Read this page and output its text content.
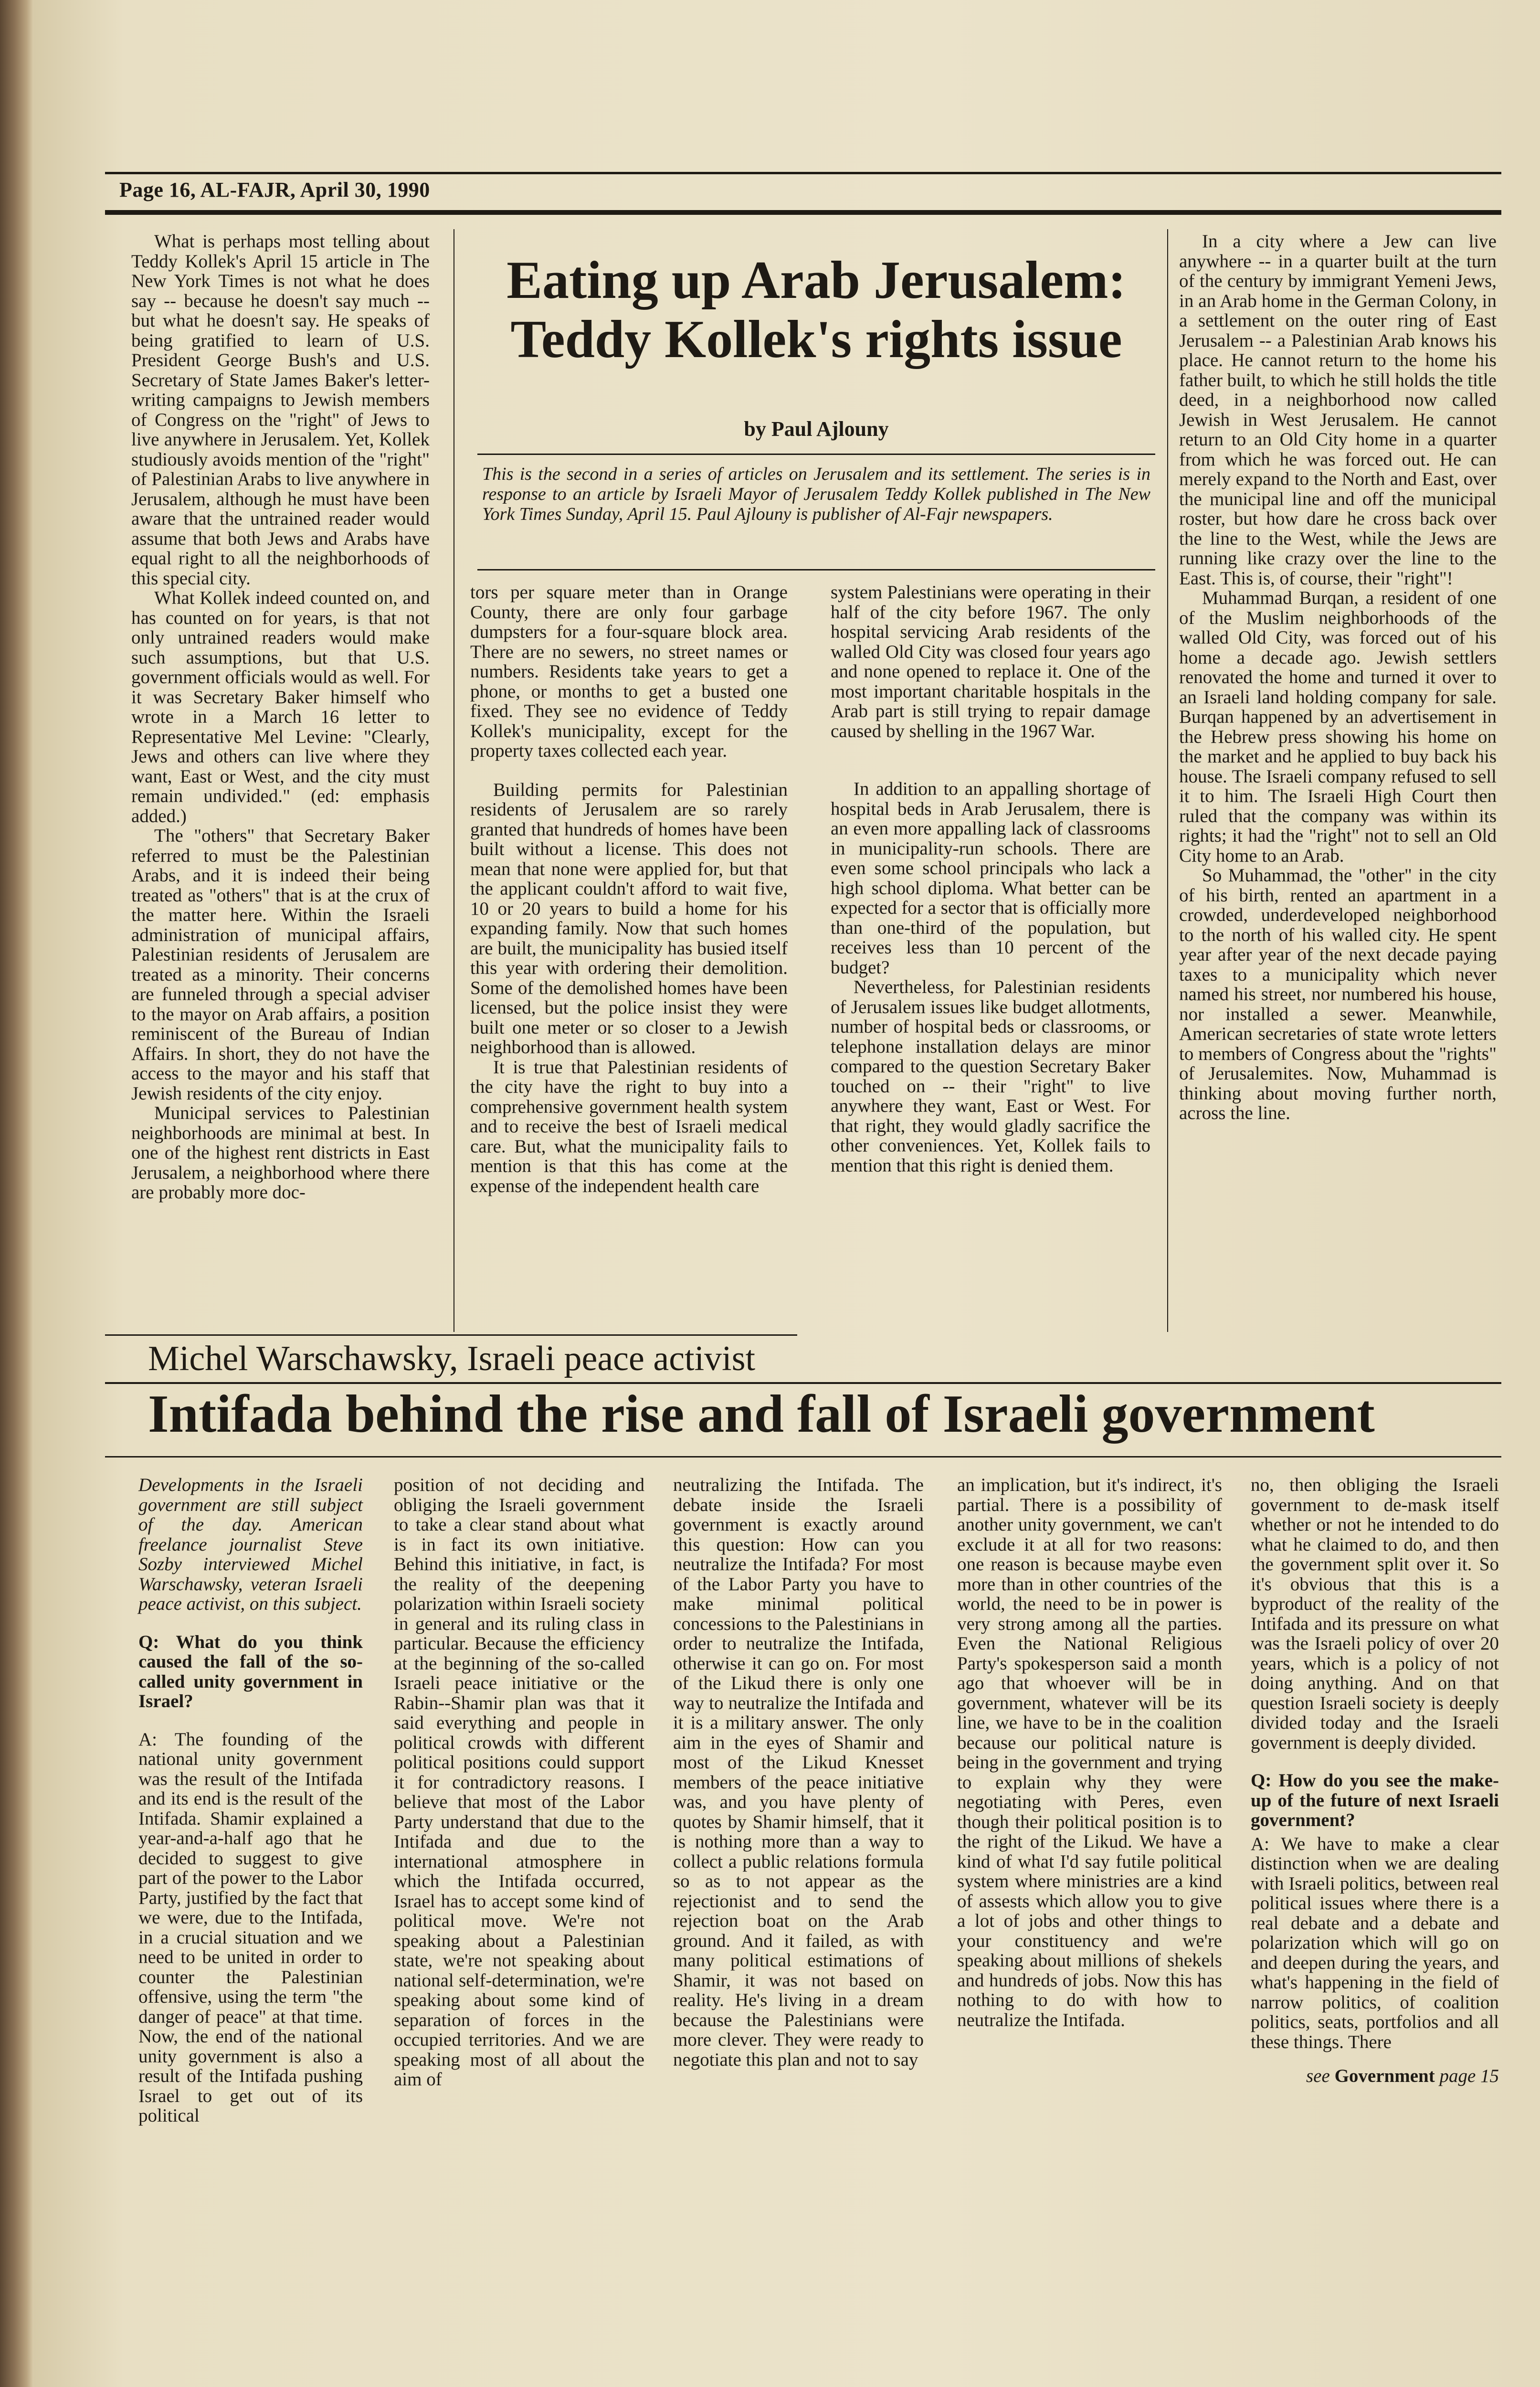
Page 16, AL-FAJR, April 30, 1990

What is perhaps most telling about Teddy Kollek's April 15 article in The New York Times is not what he does say -- because he doesn't say much -- but what he doesn't say. He speaks of being gratified to learn of U.S. President George Bush's and U.S. Secretary of State James Baker's letter-writing campaigns to Jewish members of Congress on the "right" of Jews to live anywhere in Jerusalem. Yet, Kollek studiously avoids mention of the "right" of Palestinian Arabs to live anywhere in Jerusalem, although he must have been aware that the untrained reader would assume that both Jews and Arabs have equal right to all the neighborhoods of this special city.

What Kollek indeed counted on, and has counted on for years, is that not only untrained readers would make such assumptions, but that U.S. government officials would as well. For it was Secretary Baker himself who wrote in a March 16 letter to Representative Mel Levine: "Clearly, Jews and others can live where they want, East or West, and the city must remain undivided." (ed: emphasis added.)

The "others" that Secretary Baker referred to must be the Palestinian Arabs, and it is indeed their being treated as "others" that is at the crux of the matter here. Within the Israeli administration of municipal affairs, Palestinian residents of Jerusalem are treated as a minority. Their concerns are funneled through a special adviser to the mayor on Arab affairs, a position reminiscent of the Bureau of Indian Affairs. In short, they do not have the access to the mayor and his staff that Jewish residents of the city enjoy.

Municipal services to Palestinian neighborhoods are minimal at best. In one of the highest rent districts in East Jerusalem, a neighborhood where there are probably more doc-

Eating up Arab Jerusalem:
Teddy Kollek's rights issue
by Paul Ajlouny
This is the second in a series of articles on Jerusalem and its settlement. The series is in response to an article by Israeli Mayor of Jerusalem Teddy Kollek published in The New York Times Sunday, April 15. Paul Ajlouny is publisher of Al-Fajr newspapers.

tors per square meter than in Orange County, there are only four garbage dumpsters for a four-square block area. There are no sewers, no street names or numbers. Residents take years to get a phone, or months to get a busted one fixed. They see no evidence of Teddy Kollek's municipality, except for the property taxes collected each year.

Building permits for Palestinian residents of Jerusalem are so rarely granted that hundreds of homes have been built without a license. This does not mean that none were applied for, but that the applicant couldn't afford to wait five, 10 or 20 years to build a home for his expanding family. Now that such homes are built, the municipality has busied itself this year with ordering their demolition. Some of the demolished homes have been licensed, but the police insist they were built one meter or so closer to a Jewish neighborhood than is allowed.

It is true that Palestinian residents of the city have the right to buy into a comprehensive government health system and to receive the best of Israeli medical care. But, what the municipality fails to mention is that this has come at the expense of the independent health care

system Palestinians were operating in their half of the city before 1967. The only hospital servicing Arab residents of the walled Old City was closed four years ago and none opened to replace it. One of the most important charitable hospitals in the Arab part is still trying to repair damage caused by shelling in the 1967 War.

In addition to an appalling shortage of hospital beds in Arab Jerusalem, there is an even more appalling lack of classrooms in municipality-run schools. There are even some school principals who lack a high school diploma. What better can be expected for a sector that is officially more than one-third of the population, but receives less than 10 percent of the budget?

Nevertheless, for Palestinian residents of Jerusalem issues like budget allotments, number of hospital beds or classrooms, or telephone installation delays are minor compared to the question Secretary Baker touched on -- their "right" to live anywhere they want, East or West. For that right, they would gladly sacrifice the other conveniences. Yet, Kollek fails to mention that this right is denied them.

In a city where a Jew can live anywhere -- in a quarter built at the turn of the century by immigrant Yemeni Jews, in an Arab home in the German Colony, in a settlement on the outer ring of East Jerusalem -- a Palestinian Arab knows his place. He cannot return to the home his father built, to which he still holds the title deed, in a neighborhood now called Jewish in West Jerusalem. He cannot return to an Old City home in a quarter from which he was forced out. He can merely expand to the North and East, over the municipal line and off the municipal roster, but how dare he cross back over the line to the West, while the Jews are running like crazy over the line to the East. This is, of course, their "right"!

Muhammad Burqan, a resident of one of the Muslim neighborhoods of the walled Old City, was forced out of his home a decade ago. Jewish settlers renovated the home and turned it over to an Israeli land holding company for sale. Burqan happened by an advertisement in the Hebrew press showing his home on the market and he applied to buy back his house. The Israeli company refused to sell it to him. The Israeli High Court then ruled that the company was within its rights; it had the "right" not to sell an Old City home to an Arab.

So Muhammad, the "other" in the city of his birth, rented an apartment in a crowded, underdeveloped neighborhood to the north of his walled city. He spent year after year of the next decade paying taxes to a municipality which never named his street, nor numbered his house, nor installed a sewer. Meanwhile, American secretaries of state wrote letters to members of Congress about the "rights" of Jerusalemites. Now, Muhammad is thinking about moving further north, across the line.

Michel Warschawsky, Israeli peace activist
Intifada behind the rise and fall of Israeli government

Developments in the Israeli government are still subject of the day. American freelance journalist Steve Sozby interviewed Michel Warschawsky, veteran Israeli peace activist, on this subject.

Q: What do you think caused the fall of the so-called unity government in Israel?

A: The founding of the national unity government was the result of the Intifada and its end is the result of the Intifada. Shamir explained a year-and-a-half ago that he decided to suggest to give part of the power to the Labor Party, justified by the fact that we were, due to the Intifada, in a crucial situation and we need to be united in order to counter the Palestinian offensive, using the term "the danger of peace" at that time. Now, the end of the national unity government is also a result of the Intifada pushing Israel to get out of its political

position of not deciding and obliging the Israeli government to take a clear stand about what is in fact its own initiative. Behind this initiative, in fact, is the reality of the deepening polarization within Israeli society in general and its ruling class in particular. Because the efficiency at the beginning of the so-called Israeli peace initiative or the Rabin--Shamir plan was that it said everything and people in political crowds with different political positions could support it for contradictory reasons. I believe that most of the Labor Party understand that due to the Intifada and due to the international atmosphere in which the Intifada occurred, Israel has to accept some kind of political move. We're not speaking about a Palestinian state, we're not speaking about national self-determination, we're speaking about some kind of separation of forces in the occupied territories. And we are speaking most of all about the aim of

neutralizing the Intifada. The debate inside the Israeli government is exactly around this question: How can you neutralize the Intifada? For most of the Labor Party you have to make minimal political concessions to the Palestinians in order to neutralize the Intifada, otherwise it can go on. For most of the Likud there is only one way to neutralize the Intifada and it is a military answer. The only aim in the eyes of Shamir and most of the Likud Knesset members of the peace initiative was, and you have plenty of quotes by Shamir himself, that it is nothing more than a way to collect a public relations formula so as to not appear as the rejectionist and to send the rejection boat on the Arab ground. And it failed, as with many political estimations of Shamir, it was not based on reality. He's living in a dream because the Palestinians were more clever. They were ready to negotiate this plan and not to say

an implication, but it's indirect, it's partial. There is a possibility of another unity government, we can't exclude it at all for two reasons: one reason is because maybe even more than in other countries of the world, the need to be in power is very strong among all the parties. Even the National Religious Party's spokesperson said a month ago that whoever will be in government, whatever will be its line, we have to be in the coalition because our political nature is being in the government and trying to explain why they were negotiating with Peres, even though their political position is to the right of the Likud. We have a kind of what I'd say futile political system where ministries are a kind of assests which allow you to give a lot of jobs and other things to your constituency and we're speaking about millions of shekels and hundreds of jobs. Now this has nothing to do with how to neutralize the Intifada.

no, then obliging the Israeli government to de-mask itself whether or not he intended to do what he claimed to do, and then the government split over it. So it's obvious that this is a byproduct of the reality of the Intifada and its pressure on what was the Israeli policy of over 20 years, which is a policy of not doing anything. And on that question Israeli society is deeply divided today and the Israeli government is deeply divided.

Q: How do you see the make-up of the future of next Israeli government?

A: We have to make a clear distinction when we are dealing with Israeli politics, between real political issues where there is a real debate and a debate and polarization which will go on and deepen during the years, and what's happening in the field of narrow politics, of coalition politics, seats, portfolios and all these things. There

see Government page 15
